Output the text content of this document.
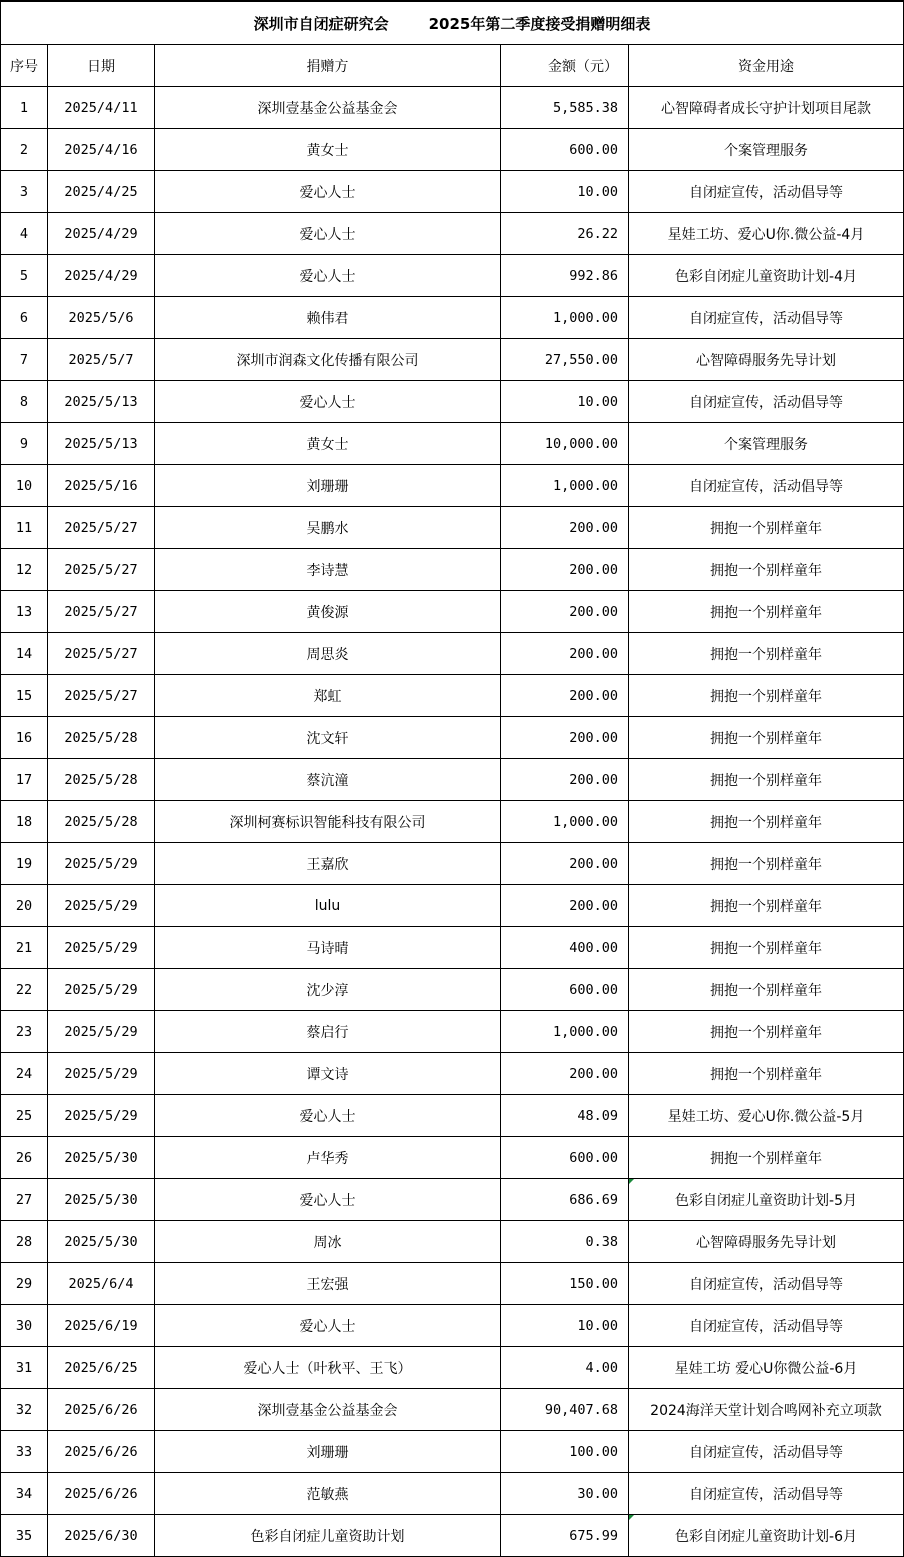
深圳市自闭症研究会 2025年第二季度接受捐赠明细表				
序号	日期	捐赠方	金额（元）	资金用途
1	2025/4/11	深圳壹基金公益基金会	5,585.38	心智障碍者成长守护计划项目尾款
2	2025/4/16	黄女士	600.00	个案管理服务
3	2025/4/25	爱心人士	10.00	自闭症宣传，活动倡导等
4	2025/4/29	爱心人士	26.22	星娃工坊、爱心U你.微公益-4月
5	2025/4/29	爱心人士	992.86	色彩自闭症儿童资助计划-4月
6	2025/5/6	赖伟君	1,000.00	自闭症宣传，活动倡导等
7	2025/5/7	深圳市润森文化传播有限公司	27,550.00	心智障碍服务先导计划
8	2025/5/13	爱心人士	10.00	自闭症宣传，活动倡导等
9	2025/5/13	黄女士	10,000.00	个案管理服务
10	2025/5/16	刘珊珊	1,000.00	自闭症宣传，活动倡导等
11	2025/5/27	吴鹏水	200.00	拥抱一个别样童年
12	2025/5/27	李诗慧	200.00	拥抱一个别样童年
13	2025/5/27	黄俊源	200.00	拥抱一个别样童年
14	2025/5/27	周思炎	200.00	拥抱一个别样童年
15	2025/5/27	郑虹	200.00	拥抱一个别样童年
16	2025/5/28	沈文轩	200.00	拥抱一个别样童年
17	2025/5/28	蔡沆潼	200.00	拥抱一个别样童年
18	2025/5/28	深圳柯赛标识智能科技有限公司	1,000.00	拥抱一个别样童年
19	2025/5/29	王嘉欣	200.00	拥抱一个别样童年
20	2025/5/29	lulu	200.00	拥抱一个别样童年
21	2025/5/29	马诗晴	400.00	拥抱一个别样童年
22	2025/5/29	沈少淳	600.00	拥抱一个别样童年
23	2025/5/29	蔡启行	1,000.00	拥抱一个别样童年
24	2025/5/29	谭文诗	200.00	拥抱一个别样童年
25	2025/5/29	爱心人士	48.09	星娃工坊、爱心U你.微公益-5月
26	2025/5/30	卢华秀	600.00	拥抱一个别样童年
27	2025/5/30	爱心人士	686.69	色彩自闭症儿童资助计划-5月
28	2025/5/30	周冰	0.38	心智障碍服务先导计划
29	2025/6/4	王宏强	150.00	自闭症宣传，活动倡导等
30	2025/6/19	爱心人士	10.00	自闭症宣传，活动倡导等
31	2025/6/25	爱心人士（叶秋平、王飞）	4.00	星娃工坊 爱心U你微公益-6月
32	2025/6/26	深圳壹基金公益基金会	90,407.68	2024海洋天堂计划合鸣网补充立项款
33	2025/6/26	刘珊珊	100.00	自闭症宣传，活动倡导等
34	2025/6/26	范敏燕	30.00	自闭症宣传，活动倡导等
35	2025/6/30	色彩自闭症儿童资助计划	675.99	色彩自闭症儿童资助计划-6月
